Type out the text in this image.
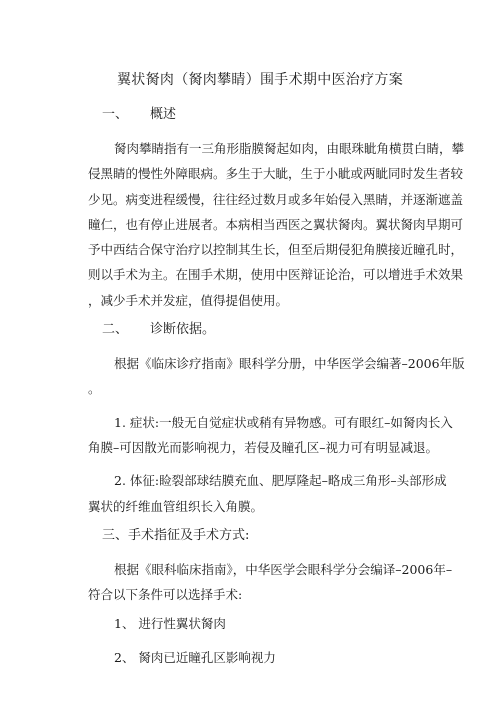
翼状胬肉（胬肉攀睛）围手术期中医治疗方案
一、 概述
胬肉攀睛指有一三角形脂膜胬起如肉，由眼珠眦角横贯白睛，攀
侵黑睛的慢性外障眼病。多生于大眦，生于小眦或两眦同时发生者较
少见。病变进程缓慢，往往经过数月或多年始侵入黑睛，并逐渐遮盖
瞳仁，也有停止进展者。本病相当西医之翼状胬肉。翼状胬肉早期可
予中西结合保守治疗以控制其生长，但至后期侵犯角膜接近瞳孔时，
则以手术为主。在围手术期，使用中医辩证论治，可以增进手术效果
，减少手术并发症，值得提倡使用。
二、 诊断依据。
根据《临床诊疗指南》眼科学分册，中华医学会编著–2006年版
。
1. 症状:一般无自觉症状或稍有异物感。可有眼红–如胬肉长入
角膜–可因散光而影响视力，若侵及瞳孔区–视力可有明显减退。
2. 体征:睑裂部球结膜充血、肥厚隆起–略成三角形–头部形成
翼状的纤维血管组织长入角膜。
三、手术指征及手术方式:
根据《眼科临床指南》，中华医学会眼科学分会编译–2006年–
符合以下条件可以选择手术:
1、 进行性翼状胬肉
2、 胬肉已近瞳孔区影响视力
